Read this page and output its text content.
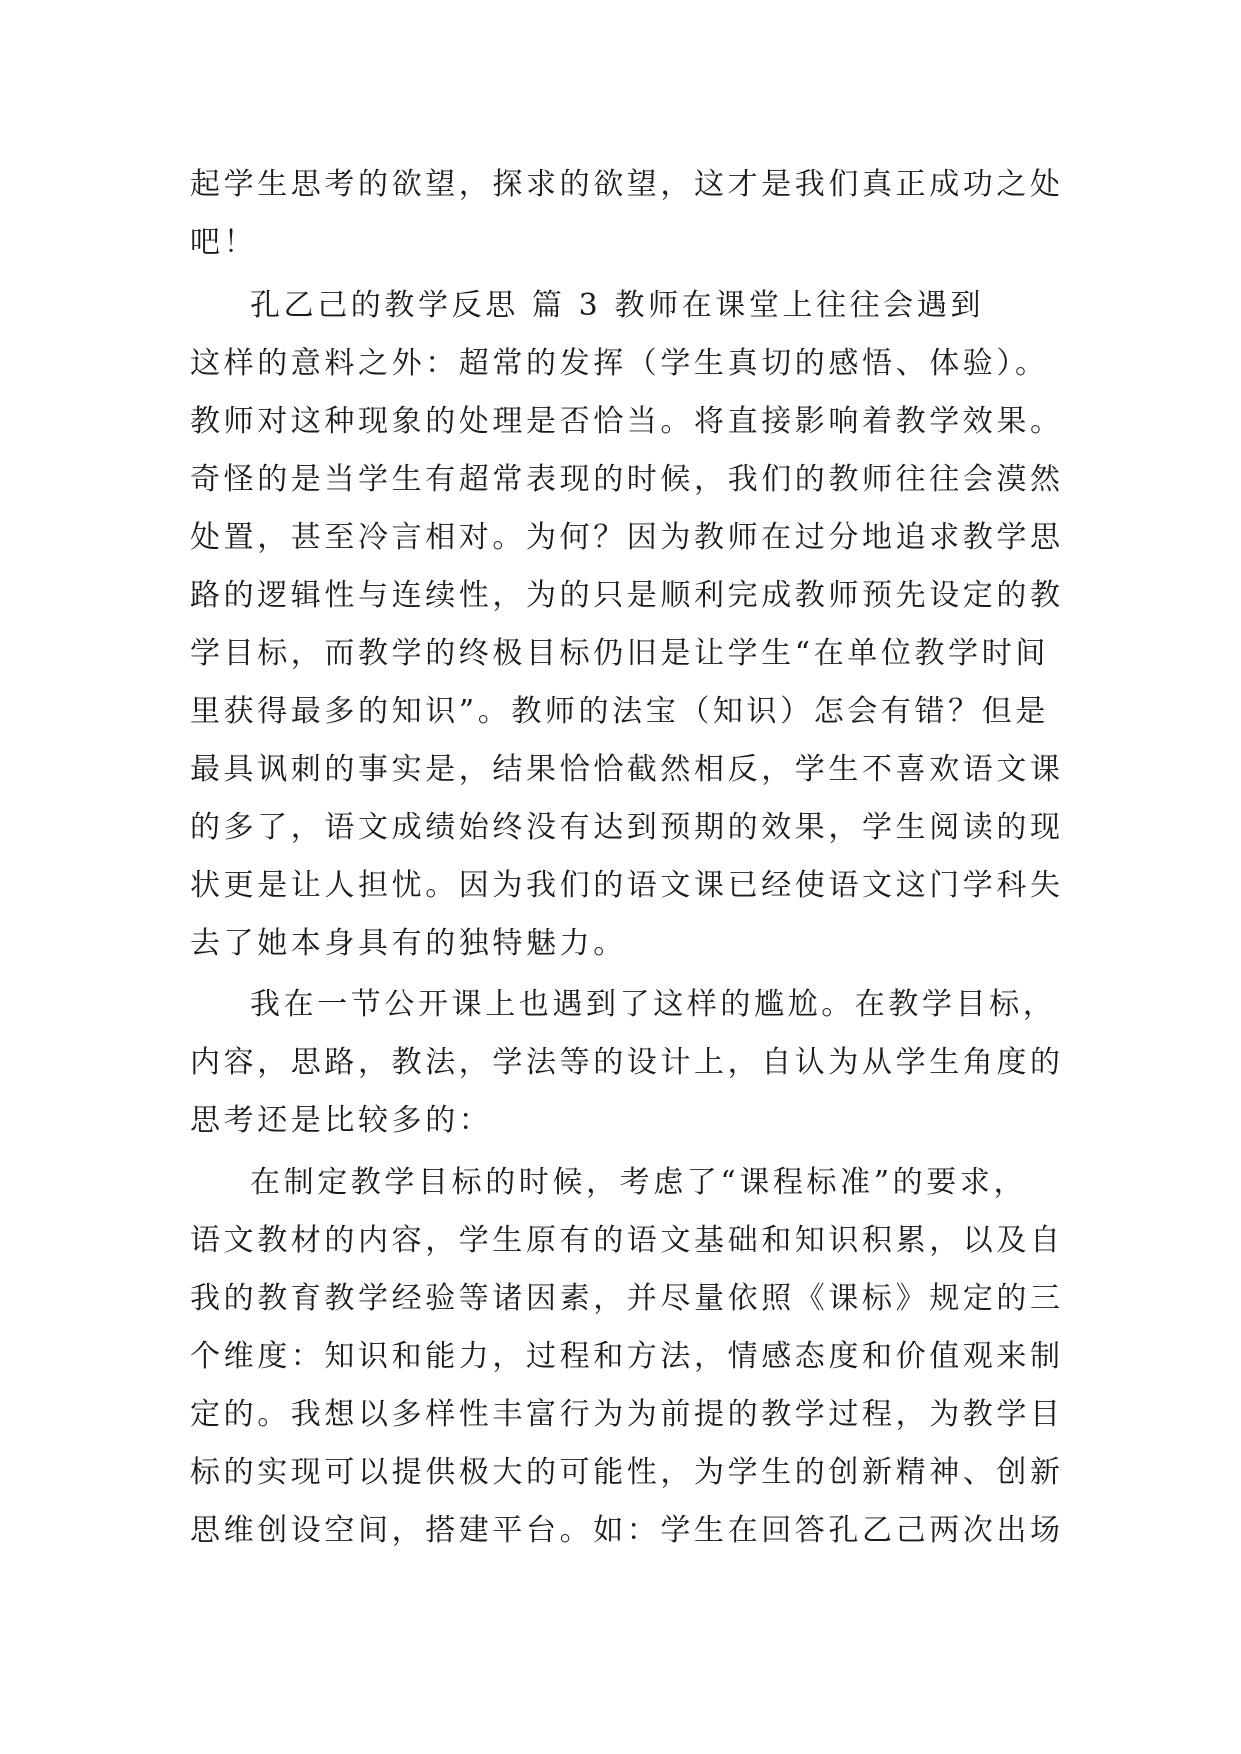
起学生思考的欲望，探求的欲望，这才是我们真正成功之处

吧！

孔乙己的教学反思 篇 3 教师在课堂上往往会遇到

这样的意料之外：超常的发挥（学生真切的感悟、体验）。

教师对这种现象的处理是否恰当。将直接影响着教学效果。

奇怪的是当学生有超常表现的时候，我们的教师往往会漠然

处置，甚至冷言相对。为何？因为教师在过分地追求教学思

路的逻辑性与连续性，为的只是顺利完成教师预先设定的教

学目标，而教学的终极目标仍旧是让学生“在单位教学时间

里获得最多的知识”。教师的法宝（知识）怎会有错？但是

最具讽刺的事实是，结果恰恰截然相反，学生不喜欢语文课

的多了，语文成绩始终没有达到预期的效果，学生阅读的现

状更是让人担忧。因为我们的语文课已经使语文这门学科失

去了她本身具有的独特魅力。

我在一节公开课上也遇到了这样的尴尬。在教学目标，

内容，思路，教法，学法等的设计上，自认为从学生角度的

思考还是比较多的：

在制定教学目标的时候，考虑了“课程标准”的要求，

语文教材的内容，学生原有的语文基础和知识积累，以及自

我的教育教学经验等诸因素，并尽量依照《课标》规定的三

个维度：知识和能力，过程和方法，情感态度和价值观来制

定的。我想以多样性丰富行为为前提的教学过程，为教学目

标的实现可以提供极大的可能性，为学生的创新精神、创新

思维创设空间，搭建平台。如：学生在回答孔乙己两次出场
